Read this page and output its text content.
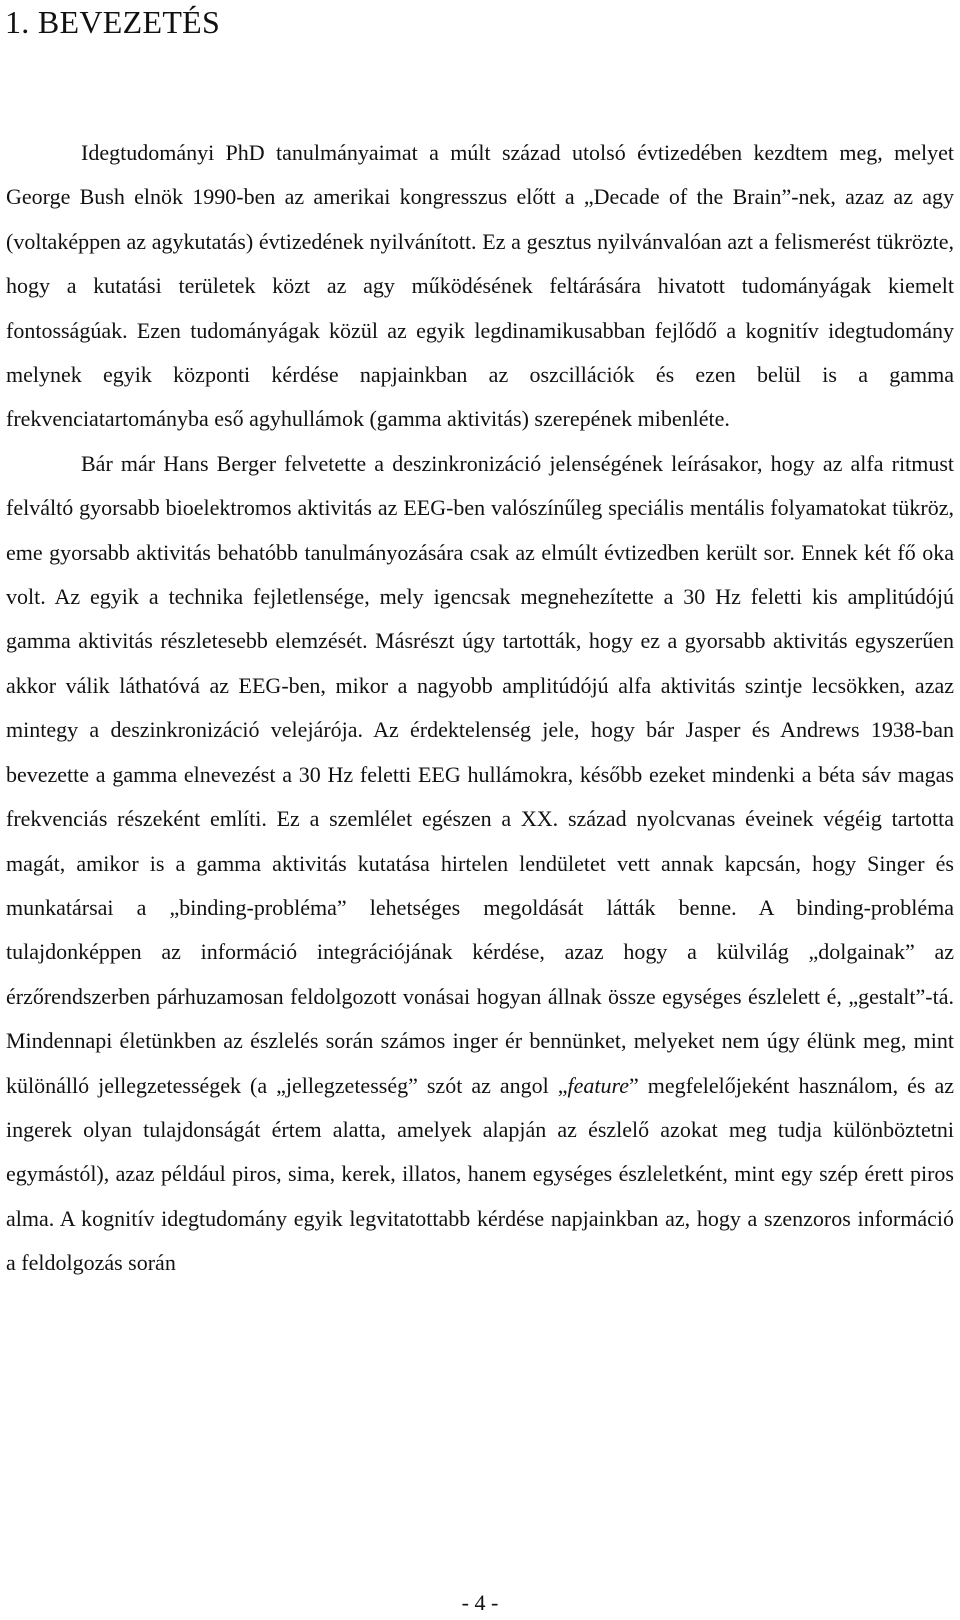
1. BEVEZETÉS

Idegtudományi PhD tanulmányaimat a múlt század utolsó évtizedében kezdtem meg, melyet George Bush elnök 1990-ben az amerikai kongresszus előtt a „Decade of the Brain”-nek, azaz az agy (voltaképpen az agykutatás) évtizedének nyilvánított. Ez a gesztus nyilvánvalóan azt a felismerést tükrözte, hogy a kutatási területek közt az agy működésének feltárására hivatott tudományágak kiemelt fontosságúak. Ezen tudományágak közül az egyik legdinamikusabban fejlődő a kognitív idegtudomány melynek egyik központi kérdése napjainkban az oszcillációk és ezen belül is a gamma frekvenciatartományba eső agyhullámok (gamma aktivitás) szerepének mibenléte.

Bár már Hans Berger felvetette a deszinkronizáció jelenségének leírásakor, hogy az alfa ritmust felváltó gyorsabb bioelektromos aktivitás az EEG-ben valószínűleg speciális mentális folyamatokat tükröz, eme gyorsabb aktivitás behatóbb tanulmányozására csak az elmúlt évtizedben került sor. Ennek két fő oka volt. Az egyik a technika fejletlensége, mely igencsak megnehezítette a 30 Hz feletti kis amplitúdójú gamma aktivitás részletesebb elemzését. Másrészt úgy tartották, hogy ez a gyorsabb aktivitás egyszerűen akkor válik láthatóvá az EEG-ben, mikor a nagyobb amplitúdójú alfa aktivitás szintje lecsökken, azaz mintegy a deszinkronizáció velejárója. Az érdektelenség jele, hogy bár Jasper és Andrews 1938-ban bevezette a gamma elnevezést a 30 Hz feletti EEG hullámokra, később ezeket mindenki a béta sáv magas frekvenciás részeként említi. Ez a szemlélet egészen a XX. század nyolcvanas éveinek végéig tartotta magát, amikor is a gamma aktivitás kutatása hirtelen lendületet vett annak kapcsán, hogy Singer és munkatársai a „binding-probléma” lehetséges megoldását látták benne. A binding-probléma tulajdonképpen az információ integrációjának kérdése, azaz hogy a külvilág „dolgainak” az érzőrendszerben párhuzamosan feldolgozott vonásai hogyan állnak össze egységes észlelett é, „gestalt”-tá. Mindennapi életünkben az észlelés során számos inger ér bennünket, melyeket nem úgy élünk meg, mint különálló jellegzetességek (a „jellegzetesség” szót az angol „feature” megfelelőjeként használom, és az ingerek olyan tulajdonságát értem alatta, amelyek alapján az észlelő azokat meg tudja különböztetni egymástól), azaz például piros, sima, kerek, illatos, hanem egységes észleletként, mint egy szép érett piros alma. A kognitív idegtudomány egyik legvitatottabb kérdése napjainkban az, hogy a szenzoros információ a feldolgozás során

- 4 -
